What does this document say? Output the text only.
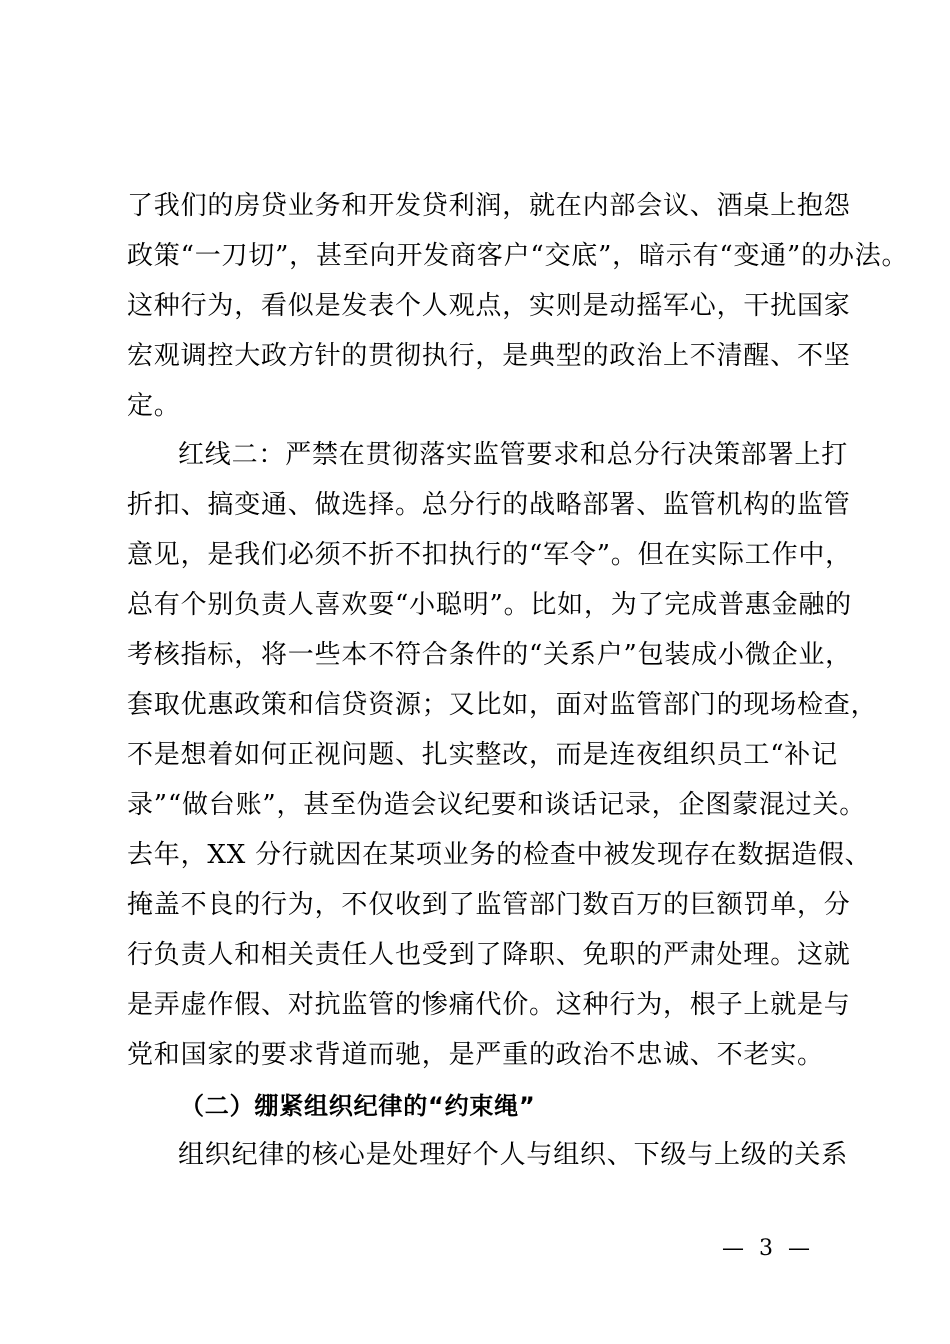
了我们的房贷业务和开发贷利润，就在内部会议、酒桌上抱怨
政策“一刀切”，甚至向开发商客户“交底”，暗示有“变通”的办法。
这种行为，看似是发表个人观点，实则是动摇军心，干扰国家
宏观调控大政方针的贯彻执行，是典型的政治上不清醒、不坚
定。
红线二：严禁在贯彻落实监管要求和总分行决策部署上打
折扣、搞变通、做选择。总分行的战略部署、监管机构的监管
意见，是我们必须不折不扣执行的“军令”。但在实际工作中，
总有个别负责人喜欢耍“小聪明”。比如，为了完成普惠金融的
考核指标，将一些本不符合条件的“关系户”包装成小微企业，
套取优惠政策和信贷资源；又比如，面对监管部门的现场检查，
不是想着如何正视问题、扎实整改，而是连夜组织员工“补记
录”“做台账”，甚至伪造会议纪要和谈话记录，企图蒙混过关。
去年，XX 分行就因在某项业务的检查中被发现存在数据造假、
掩盖不良的行为，不仅收到了监管部门数百万的巨额罚单，分
行负责人和相关责任人也受到了降职、免职的严肃处理。这就
是弄虚作假、对抗监管的惨痛代价。这种行为，根子上就是与
党和国家的要求背道而驰，是严重的政治不忠诚、不老实。
（二）绷紧组织纪律的“约束绳”
组织纪律的核心是处理好个人与组织、下级与上级的关系
— 3 —
